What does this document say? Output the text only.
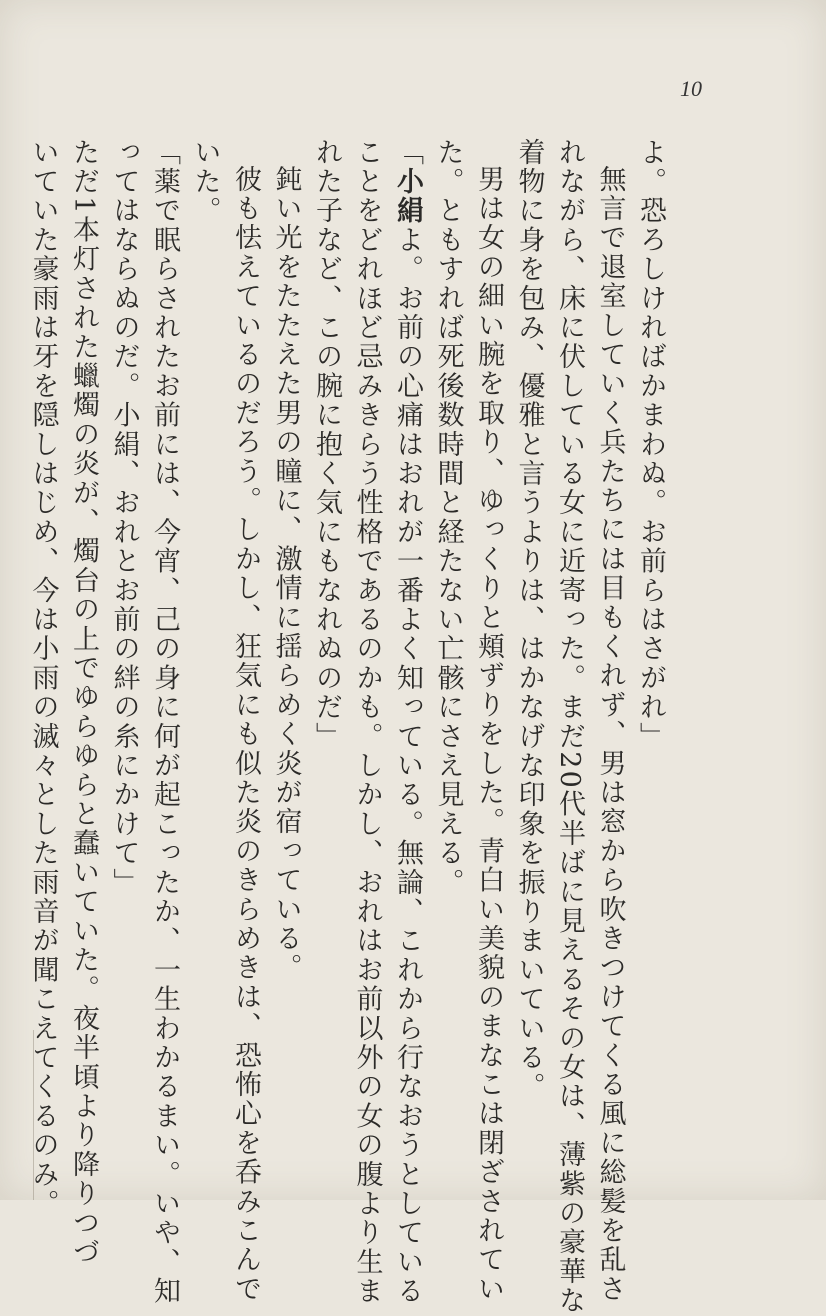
10
よ。恐ろしければかまわぬ。お前らはさがれ」
無言で退室していく兵たちには目もくれず、男は窓から吹きつけてくる風に総髪を乱さ
れながら、床に伏している女に近寄った。まだ20代半ばに見えるその女は、薄紫の豪華な
着物に身を包み、優雅と言うよりは、はかなげな印象を振りまいている。
男は女の細い腕を取り、ゆっくりと頬ずりをした。青白い美貌のまなこは閉ざされてい
た。ともすれば死後数時間と経たない亡骸にさえ見える。
「小絹よ。お前の心痛はおれが一番よく知っている。無論、これから行なおうとしている
ことをどれほど忌みきらう性格であるのかも。しかし、おれはお前以外の女の腹より生ま
れた子など、この腕に抱く気にもなれぬのだ」
鈍い光をたたえた男の瞳に、激情に揺らめく炎が宿っている。
彼も怯えているのだろう。しかし、狂気にも似た炎のきらめきは、恐怖心を呑みこんで
いた。
「薬で眠らされたお前には、今宵、己の身に何が起こったか、一生わかるまい。いや、知
ってはならぬのだ。小絹、おれとお前の絆の糸にかけて」
ただ1本灯された蠟燭の炎が、燭台の上でゆらゆらと蠢いていた。夜半頃より降りつづ
いていた豪雨は牙を隠しはじめ、今は小雨の滅々とした雨音が聞こえてくるのみ。
